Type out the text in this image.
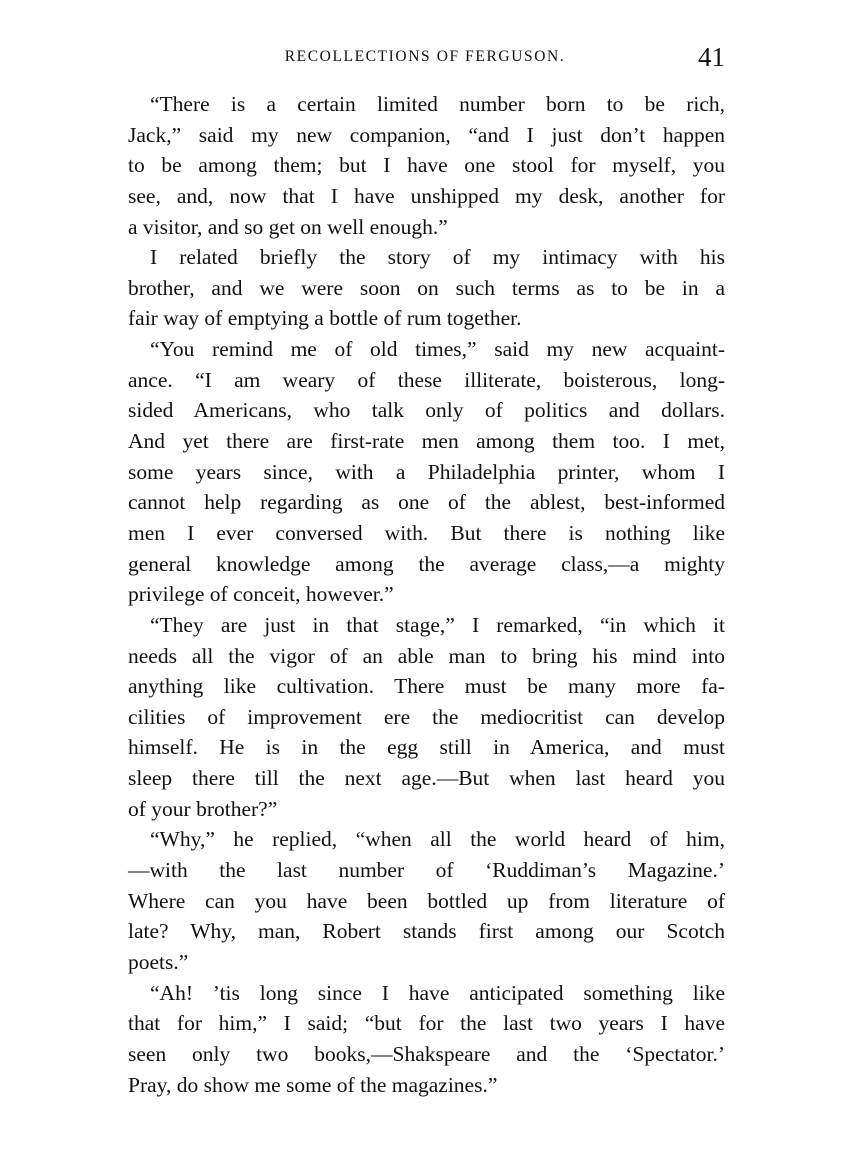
RECOLLECTIONS OF FERGUSON.	41
“There is a certain limited number born to be rich,
Jack,” said my new companion, “and I just don’t happen
to be among them; but I have one stool for myself, you
see, and, now that I have unshipped my desk, another for
a visitor, and so get on well enough.”
I related briefly the story of my intimacy with his
brother, and we were soon on such terms as to be in a
fair way of emptying a bottle of rum together.
“You remind me of old times,” said my new acquaint-
ance. “I am weary of these illiterate, boisterous, long-
sided Americans, who talk only of politics and dollars.
And yet there are first-rate men among them too. I met,
some years since, with a Philadelphia printer, whom I
cannot help regarding as one of the ablest, best-informed
men I ever conversed with. But there is nothing like
general knowledge among the average class,—a mighty
privilege of conceit, however.”
“They are just in that stage,” I remarked, “in which it
needs all the vigor of an able man to bring his mind into
anything like cultivation. There must be many more fa-
cilities of improvement ere the mediocritist can develop
himself. He is in the egg still in America, and must
sleep there till the next age.—But when last heard you
of your brother?”
“Why,” he replied, “when all the world heard of him,
—with the last number of ‘Ruddiman’s Magazine.’
Where can you have been bottled up from literature of
late? Why, man, Robert stands first among our Scotch
poets.”
“Ah! ’tis long since I have anticipated something like
that for him,” I said; “but for the last two years I have
seen only two books,—Shakspeare and the ‘Spectator.’
Pray, do show me some of the magazines.”
